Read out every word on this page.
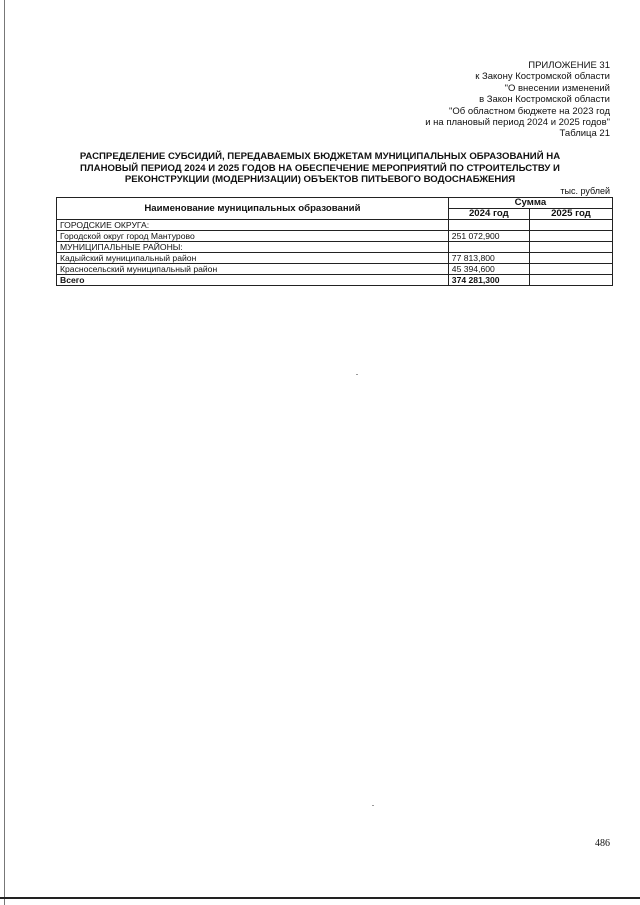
ПРИЛОЖЕНИЕ 31
к Закону Костромской области
"О внесении изменений
в Закон Костромской области
"Об областном бюджете на 2023 год
и на плановый период 2024 и 2025 годов"
Таблица 21
РАСПРЕДЕЛЕНИЕ СУБСИДИЙ, ПЕРЕДАВАЕМЫХ БЮДЖЕТАМ МУНИЦИПАЛЬНЫХ ОБРАЗОВАНИЙ НА
ПЛАНОВЫЙ ПЕРИОД 2024 И 2025 ГОДОВ НА ОБЕСПЕЧЕНИЕ МЕРОПРИЯТИЙ ПО СТРОИТЕЛЬСТВУ И
РЕКОНСТРУКЦИИ (МОДЕРНИЗАЦИИ) ОБЪЕКТОВ ПИТЬЕВОГО ВОДОСНАБЖЕНИЯ
тыс. рублей
Наименование муниципальных образований	Сумма	
	2024 год	2025 год
ГОРОДСКИЕ ОКРУГА:		
Городской округ город Мантурово	251 072,900	
МУНИЦИПАЛЬНЫЕ РАЙОНЫ:		
Кадыйский муниципальный район	77 813,800	
Красносельский муниципальный район	45 394,600	
Всего	374 281,300	
486
